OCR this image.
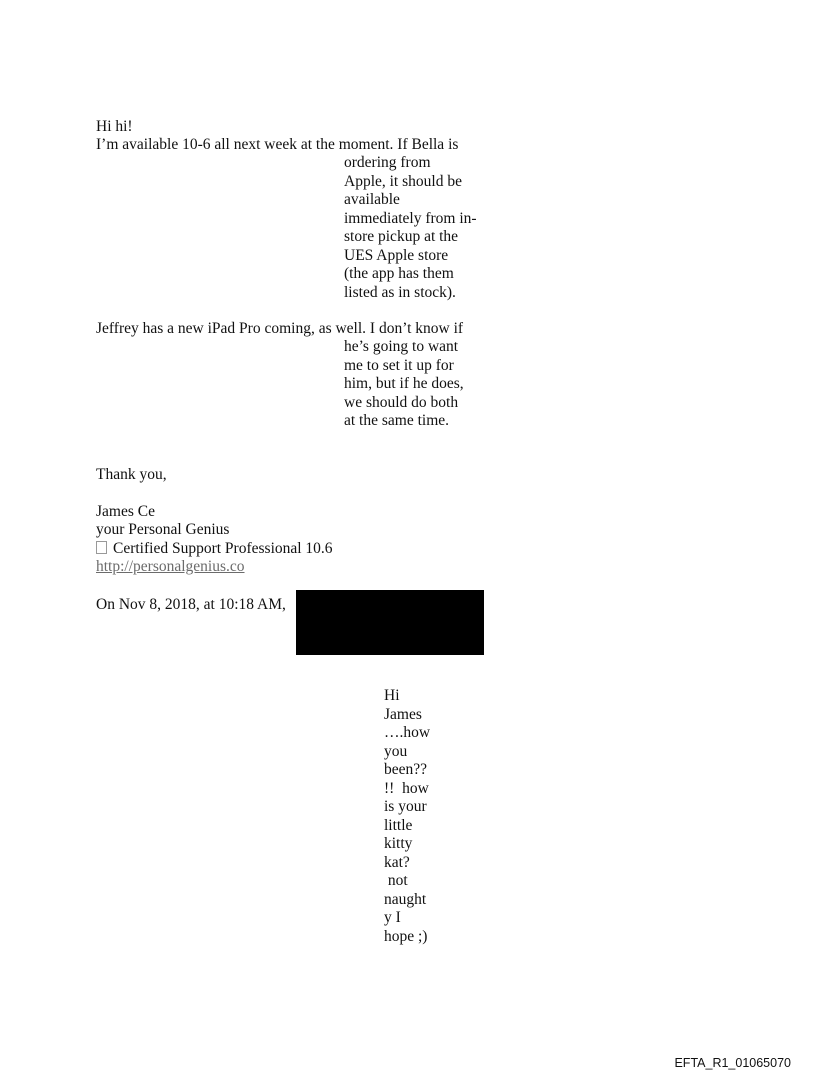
Hi hi!
I’m available 10-6 all next week at the moment. If Bella is
ordering from
Apple, it should be
available
immediately from in-
store pickup at the
UES Apple store
(the app has them
listed as in stock).
Jeffrey has a new iPad Pro coming, as well. I don’t know if
he’s going to want
me to set it up for
him, but if he does,
we should do both
at the same time.
Thank you,
James Ce
your Personal Genius
Certified Support Professional 10.6
http://personalgenius.co
On Nov 8, 2018, at 10:18 AM,
Hi
James
….how
you
been??
!!  how
is your
little
kitty
kat?
not
naught
y I
hope ;)
EFTA_R1_01065070
